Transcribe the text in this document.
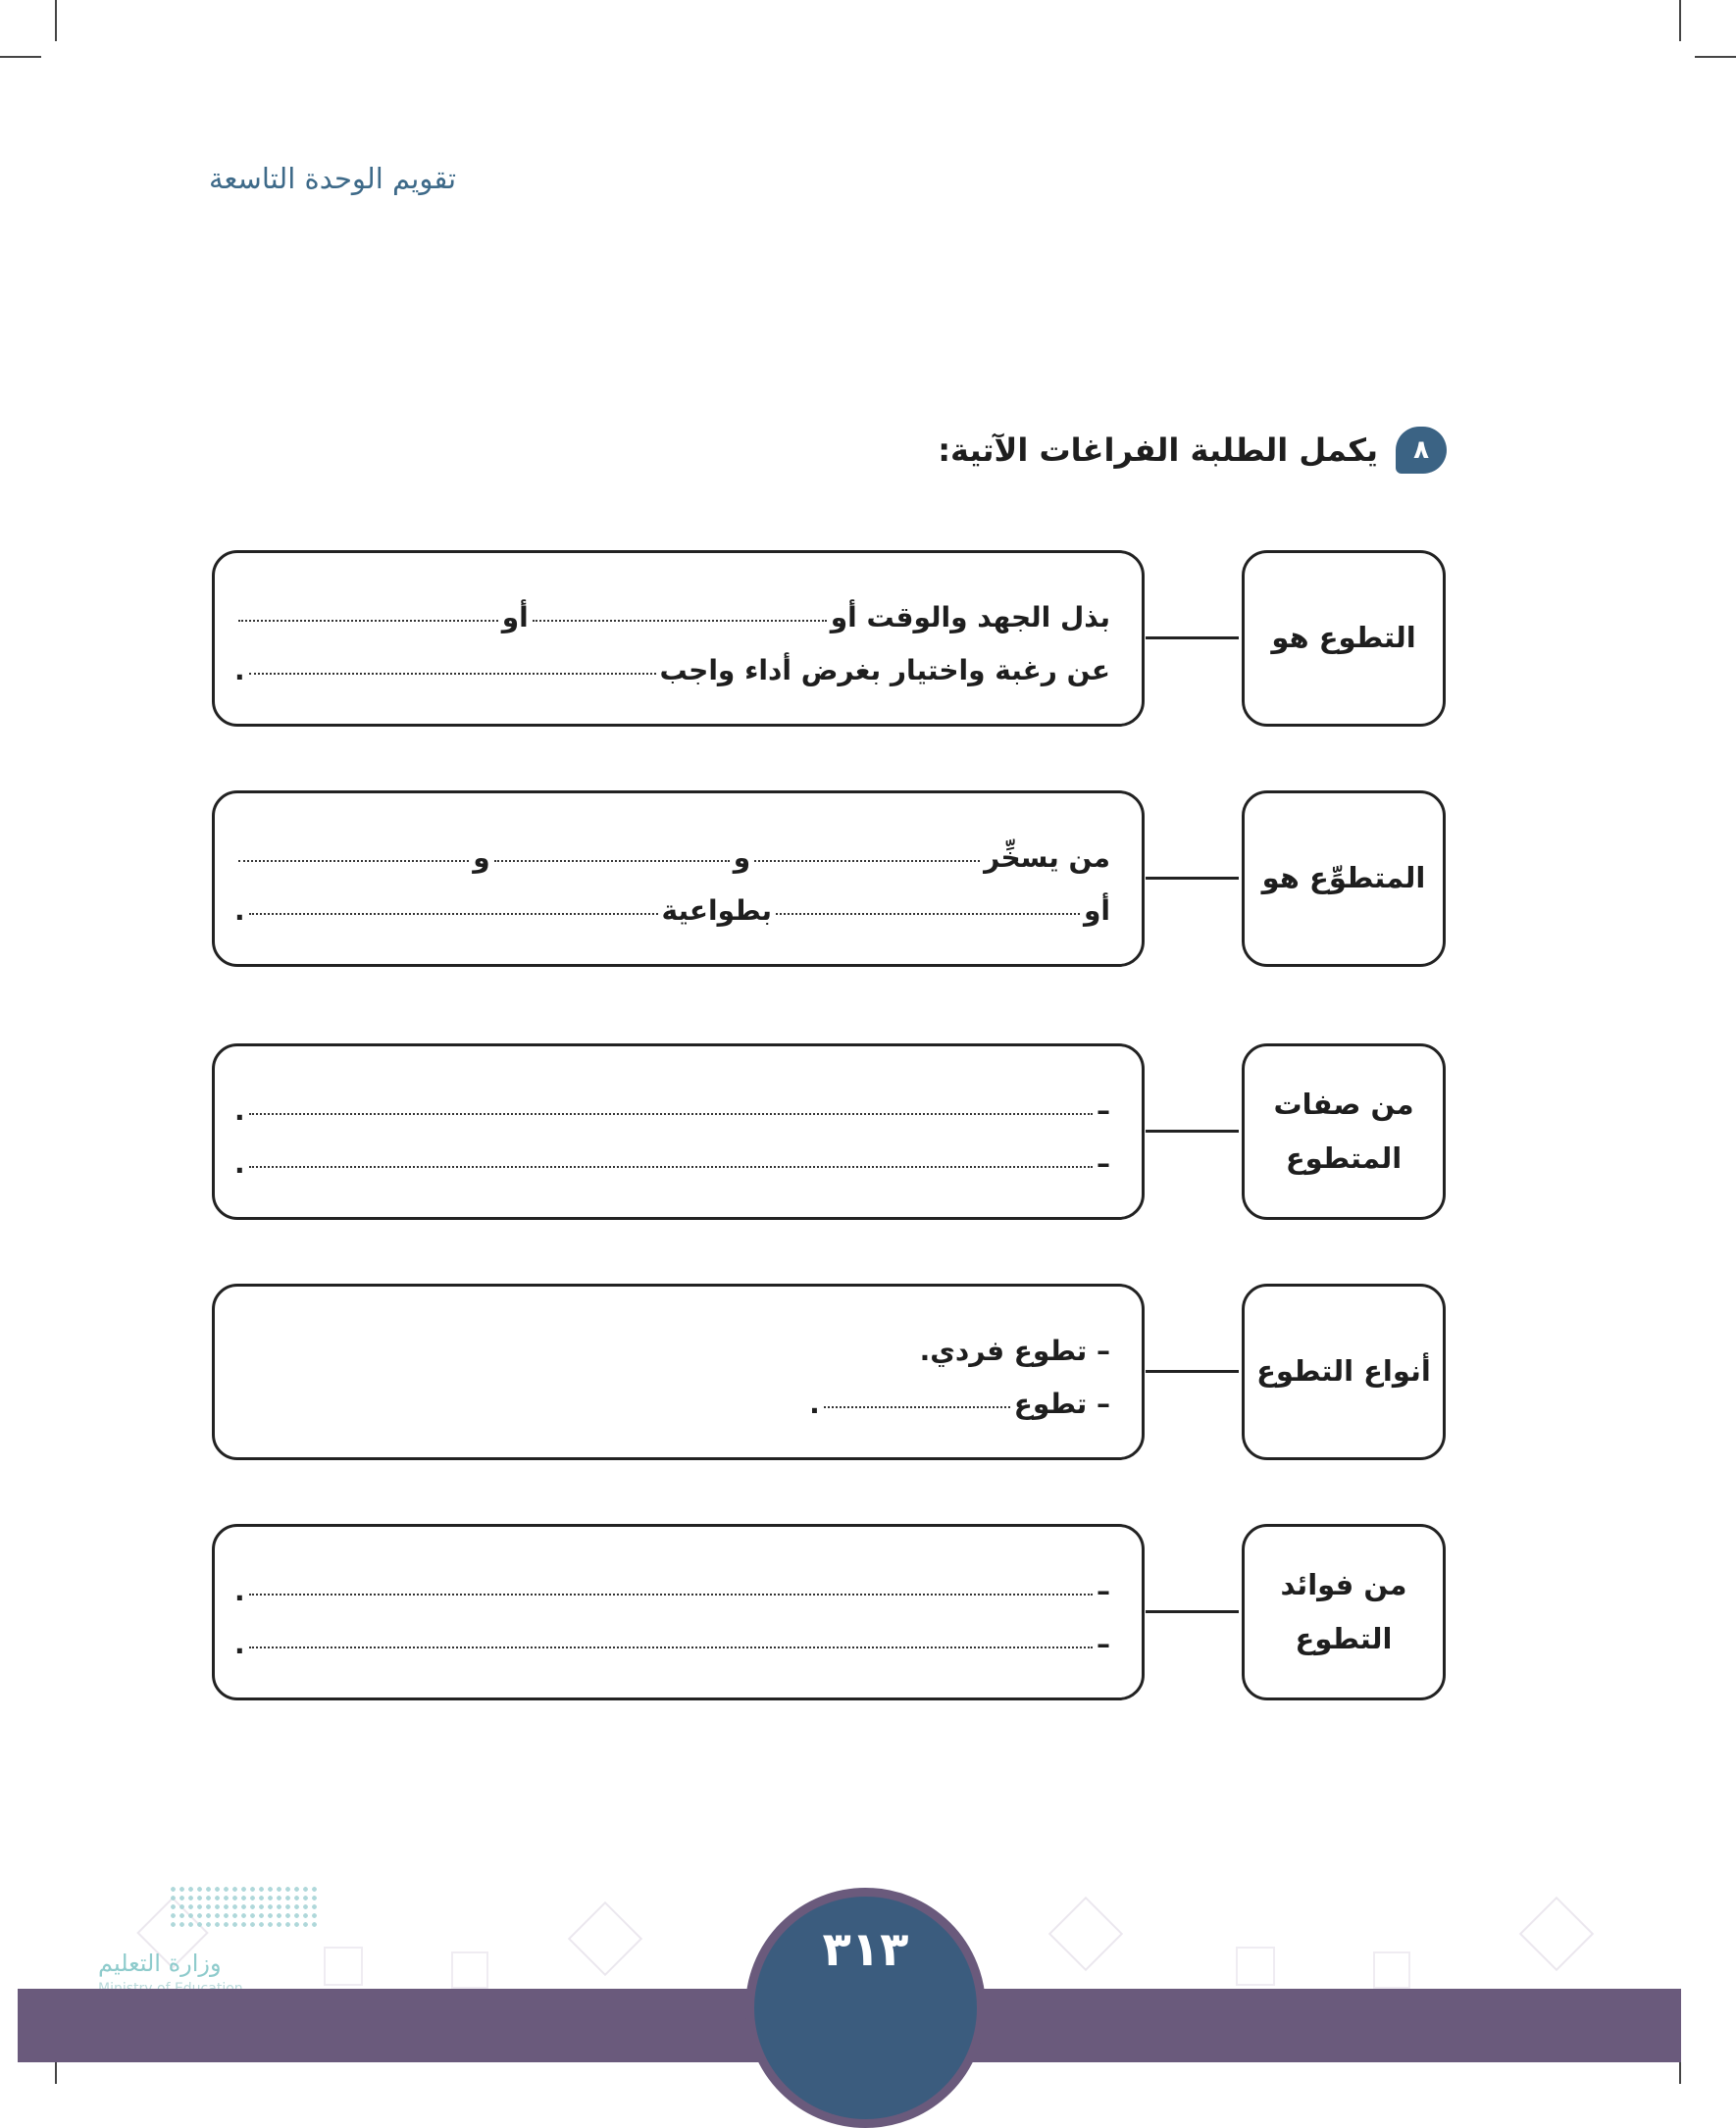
تقويم الوحدة التاسعة
٨
يكمل الطلبة الفراغات الآتية:
التطوع هو
بذل الجهد والوقت أو
أو
عن رغبة واختيار بغرض أداء واجب
.
المتطوِّع هو
من يسخِّر
و
و
أو
بطواعية
.
من صفات المتطوع
–
.
–
.
أنواع التطوع
– تطوع فردي.
– تطوع
.
من فوائد التطوع
–
.
–
.
وزارة التعليم	٣١٣
